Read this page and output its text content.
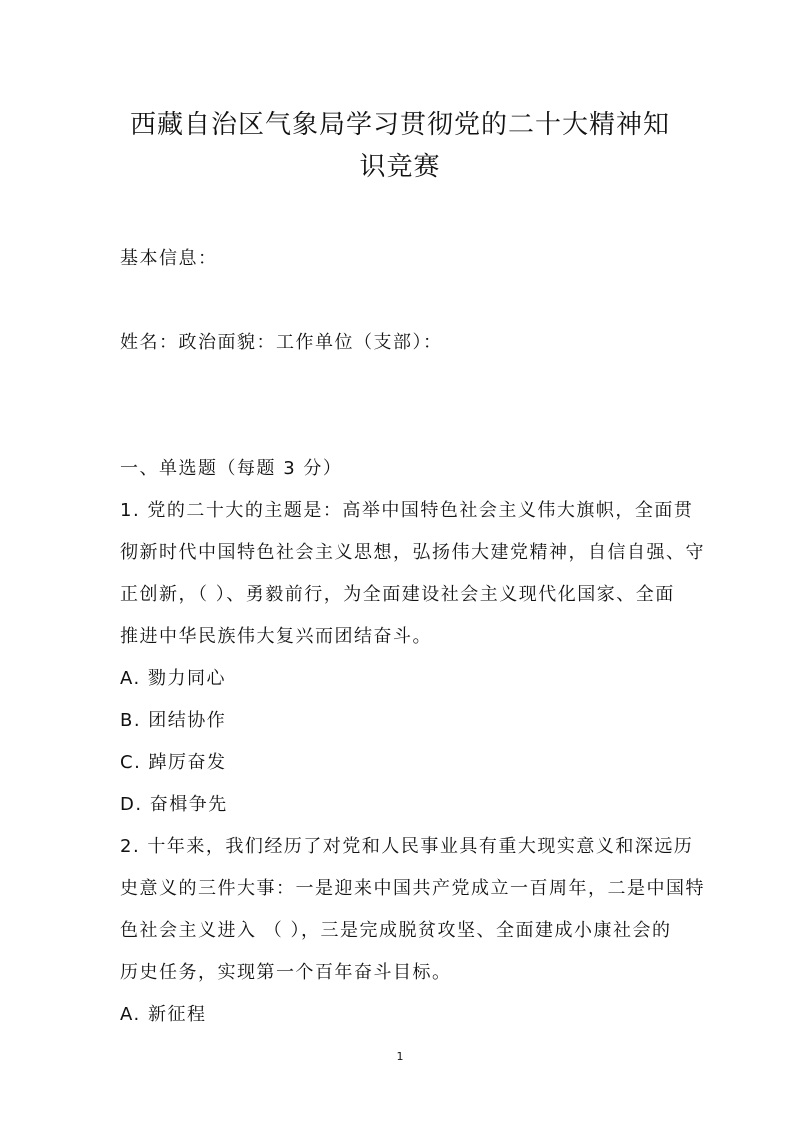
西藏自治区气象局学习贯彻党的二十大精神知
识竞赛
基本信息：
姓名：政治面貌：工作单位（支部）：
一、单选题（每题 3 分）
1. 党的二十大的主题是：高举中国特色社会主义伟大旗帜，全面贯
彻新时代中国特色社会主义思想，弘扬伟大建党精神，自信自强、守
正创新，（ ）、勇毅前行，为全面建设社会主义现代化国家、全面
推进中华民族伟大复兴而团结奋斗。
A. 勠力同心
B. 团结协作
C. 踔厉奋发
D. 奋楫争先
2. 十年来，我们经历了对党和人民事业具有重大现实意义和深远历
史意义的三件大事：一是迎来中国共产党成立一百周年，二是中国特
色社会主义进入 （ ），三是完成脱贫攻坚、全面建成小康社会的
历史任务，实现第一个百年奋斗目标。
A. 新征程
1
